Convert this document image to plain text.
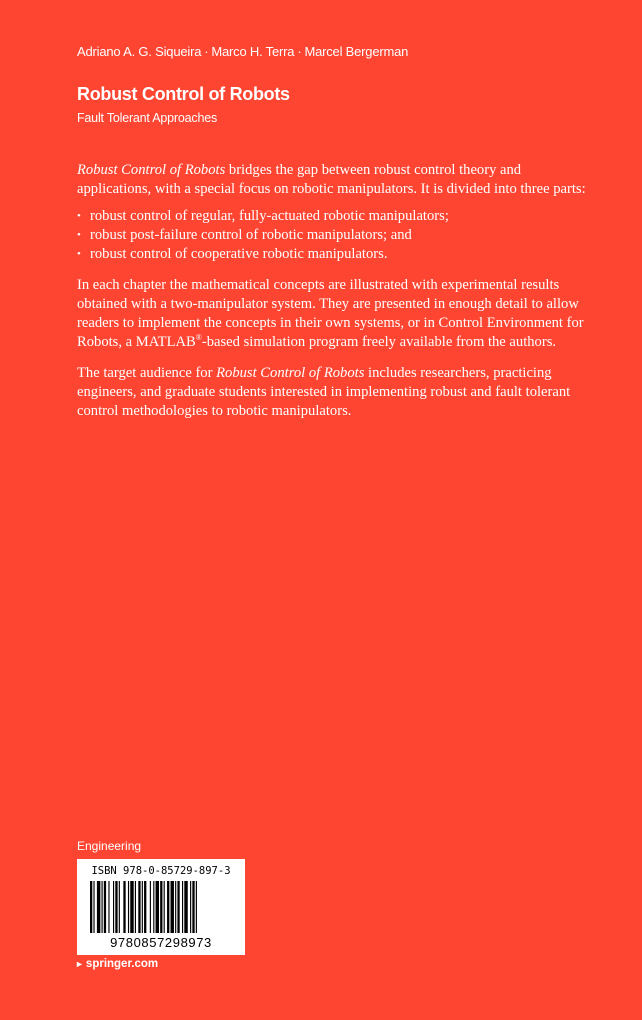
Adriano A. G. Siqueira · Marco H. Terra · Marcel Bergerman
Robust Control of Robots
Fault Tolerant Approaches

Robust Control of Robots bridges the gap between robust control theory and applications, with a special focus on robotic manipulators. It is divided into three parts:

• robust control of regular, fully-actuated robotic manipulators;
• robust post-failure control of robotic manipulators; and
• robust control of cooperative robotic manipulators.

In each chapter the mathematical concepts are illustrated with experimental results obtained with a two-manipulator system. They are presented in enough detail to allow readers to implement the concepts in their own systems, or in Control Environment for Robots, a MATLAB®-based simulation program freely available from the authors.

The target audience for Robust Control of Robots includes researchers, practicing engineers, and graduate students interested in implementing robust and fault tolerant control methodologies to robotic manipulators.

Engineering
ISBN 978-0-85729-897-3
9780857298973
► springer.com
